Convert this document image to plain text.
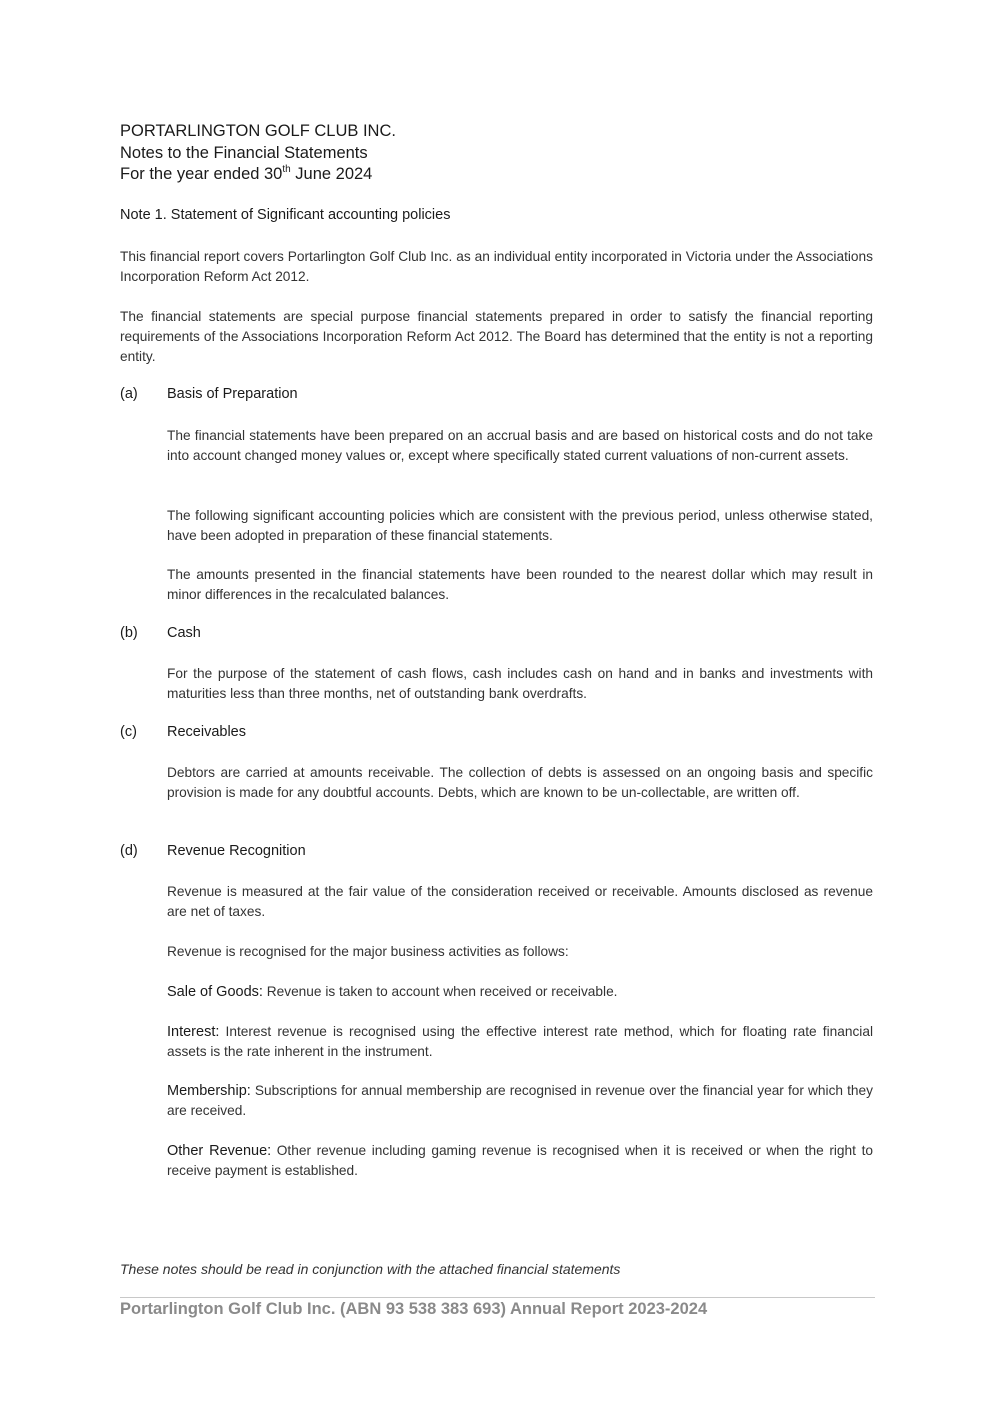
PORTARLINGTON GOLF CLUB INC.
Notes to the Financial Statements
For the year ended 30th June 2024
Note 1. Statement of Significant accounting policies

This financial report covers Portarlington Golf Club Inc. as an individual entity incorporated in Victoria under the Associations Incorporation Reform Act 2012.

The financial statements are special purpose financial statements prepared in order to satisfy the financial reporting requirements of the Associations Incorporation Reform Act 2012. The Board has determined that the entity is not a reporting entity.

(a) Basis of Preparation

The financial statements have been prepared on an accrual basis and are based on historical costs and do not take into account changed money values or, except where specifically stated current valuations of non-current assets.

The following significant accounting policies which are consistent with the previous period, unless otherwise stated, have been adopted in preparation of these financial statements.

The amounts presented in the financial statements have been rounded to the nearest dollar which may result in minor differences in the recalculated balances.

(b) Cash

For the purpose of the statement of cash flows, cash includes cash on hand and in banks and investments with maturities less than three months, net of outstanding bank overdrafts.

(c) Receivables

Debtors are carried at amounts receivable. The collection of debts is assessed on an ongoing basis and specific provision is made for any doubtful accounts. Debts, which are known to be un-collectable, are written off.

(d) Revenue Recognition

Revenue is measured at the fair value of the consideration received or receivable. Amounts disclosed as revenue are net of taxes.

Revenue is recognised for the major business activities as follows:

Sale of Goods: Revenue is taken to account when received or receivable.

Interest: Interest revenue is recognised using the effective interest rate method, which for floating rate financial assets is the rate inherent in the instrument.

Membership: Subscriptions for annual membership are recognised in revenue over the financial year for which they are received.

Other Revenue: Other revenue including gaming revenue is recognised when it is received or when the right to receive payment is established.

These notes should be read in conjunction with the attached financial statements
Portarlington Golf Club Inc. (ABN 93 538 383 693) Annual Report 2023-2024
